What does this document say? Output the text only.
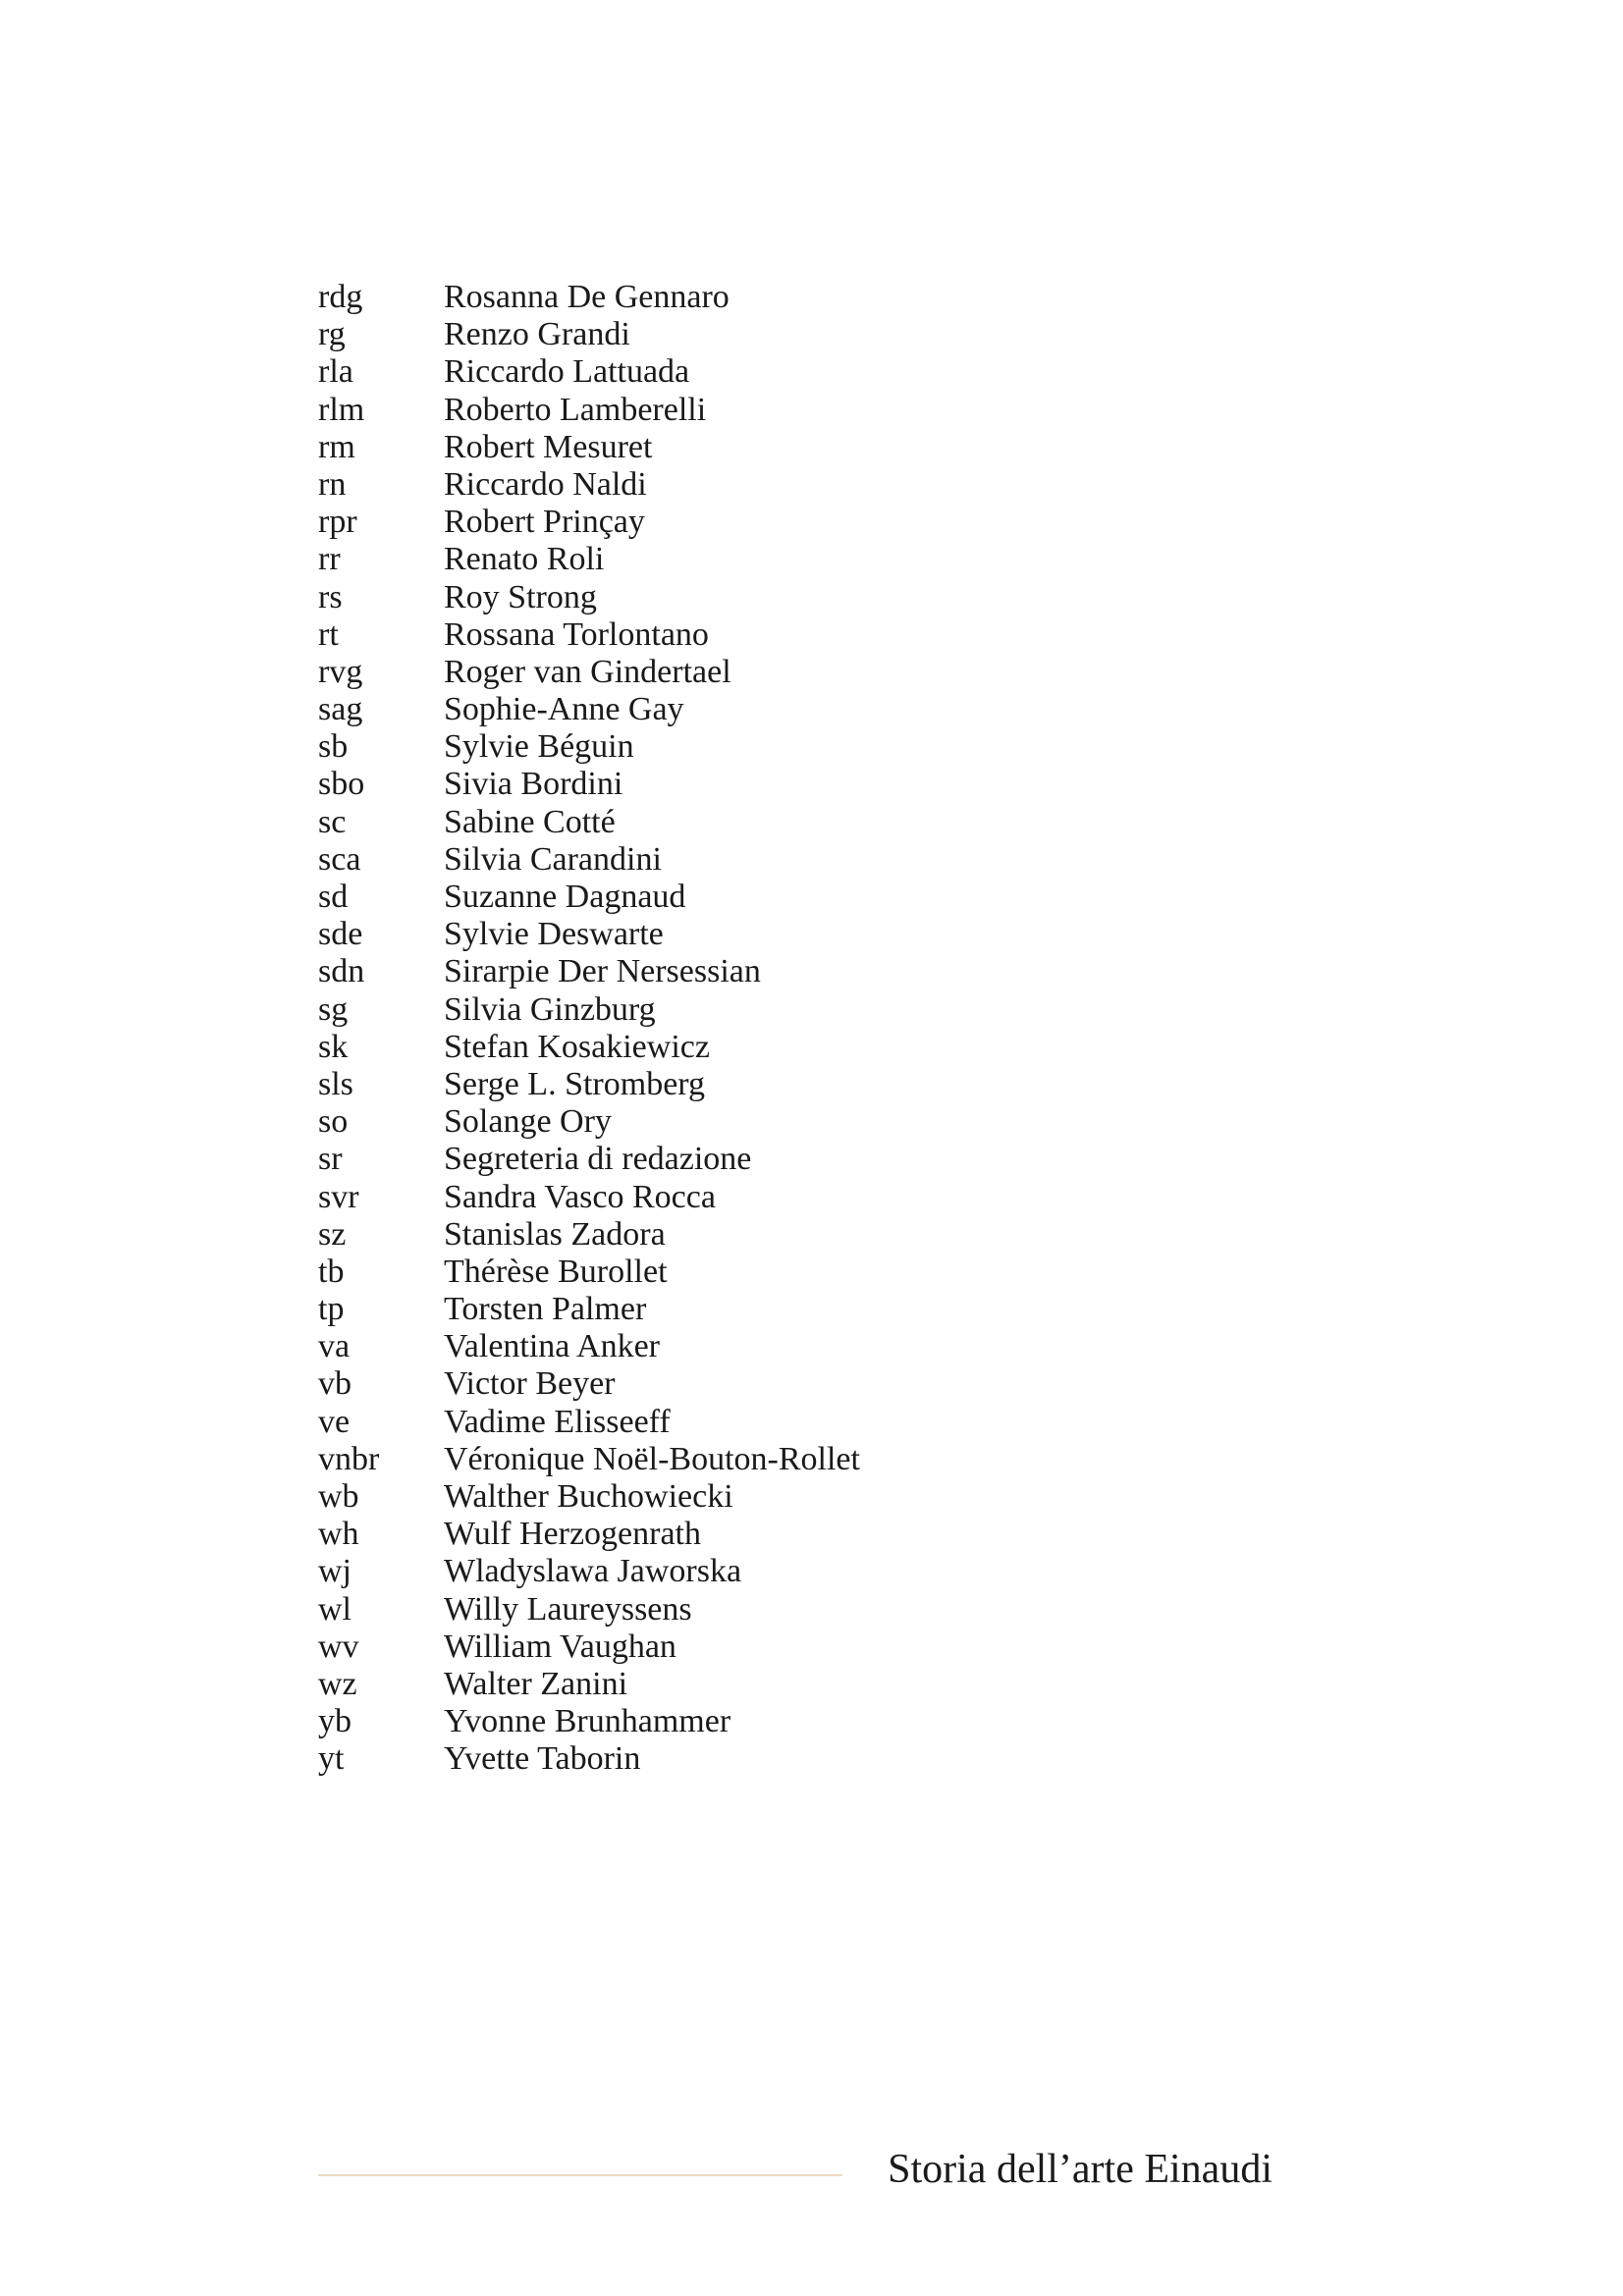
rdg	Rosanna De Gennaro
rg	Renzo Grandi
rla	Riccardo Lattuada
rlm	Roberto Lamberelli
rm	Robert Mesuret
rn	Riccardo Naldi
rpr	Robert Prinçay
rr	Renato Roli
rs	Roy Strong
rt	Rossana Torlontano
rvg	Roger van Gindertael
sag	Sophie-Anne Gay
sb	Sylvie Béguin
sbo	Sivia Bordini
sc	Sabine Cotté
sca	Silvia Carandini
sd	Suzanne Dagnaud
sde	Sylvie Deswarte
sdn	Sirarpie Der Nersessian
sg	Silvia Ginzburg
sk	Stefan Kosakiewicz
sls	Serge L. Stromberg
so	Solange Ory
sr	Segreteria di redazione
svr	Sandra Vasco Rocca
sz	Stanislas Zadora
tb	Thérèse Burollet
tp	Torsten Palmer
va	Valentina Anker
vb	Victor Beyer
ve	Vadime Elisseeff
vnbr	Véronique Noël-Bouton-Rollet
wb	Walther Buchowiecki
wh	Wulf Herzogenrath
wj	Wladyslawa Jaworska
wl	Willy Laureyssens
wv	William Vaughan
wz	Walter Zanini
yb	Yvonne Brunhammer
yt	Yvette Taborin
Storia dell’arte Einaudi
